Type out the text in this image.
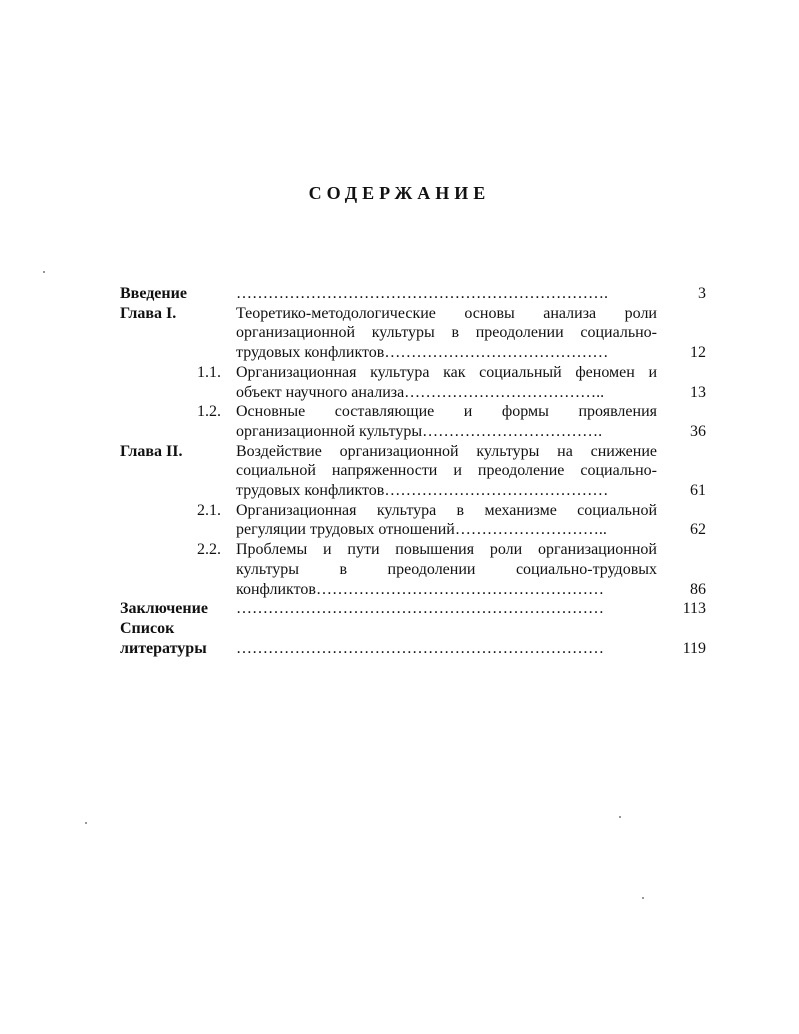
СОДЕРЖАНИЕ
Введение	…………………………………………………………….	3
Глава I.	Теоретико-методологические основы анализа роли
организационной культуры в преодолении социально-
трудовых конфликтов……………………………………	12
1.1. Организационная культура как социальный феномен и
объект научного анализа………………………………..	13
1.2. Основные составляющие и формы проявления
организационной культуры…………………………….	36
Глава II.	Воздействие организационной культуры на снижение
социальной напряженности и преодоление социально-
трудовых конфликтов……………………………………	61
2.1. Организационная культура в механизме социальной
регуляции трудовых отношений………………………..	62
2.2. Проблемы и пути повышения роли организационной
культуры в преодолении социально-трудовых
конфликтов………………………………………………	86
Заключение ……………………………………………………………	113
Список
литературы
……………………………………………………………	119
